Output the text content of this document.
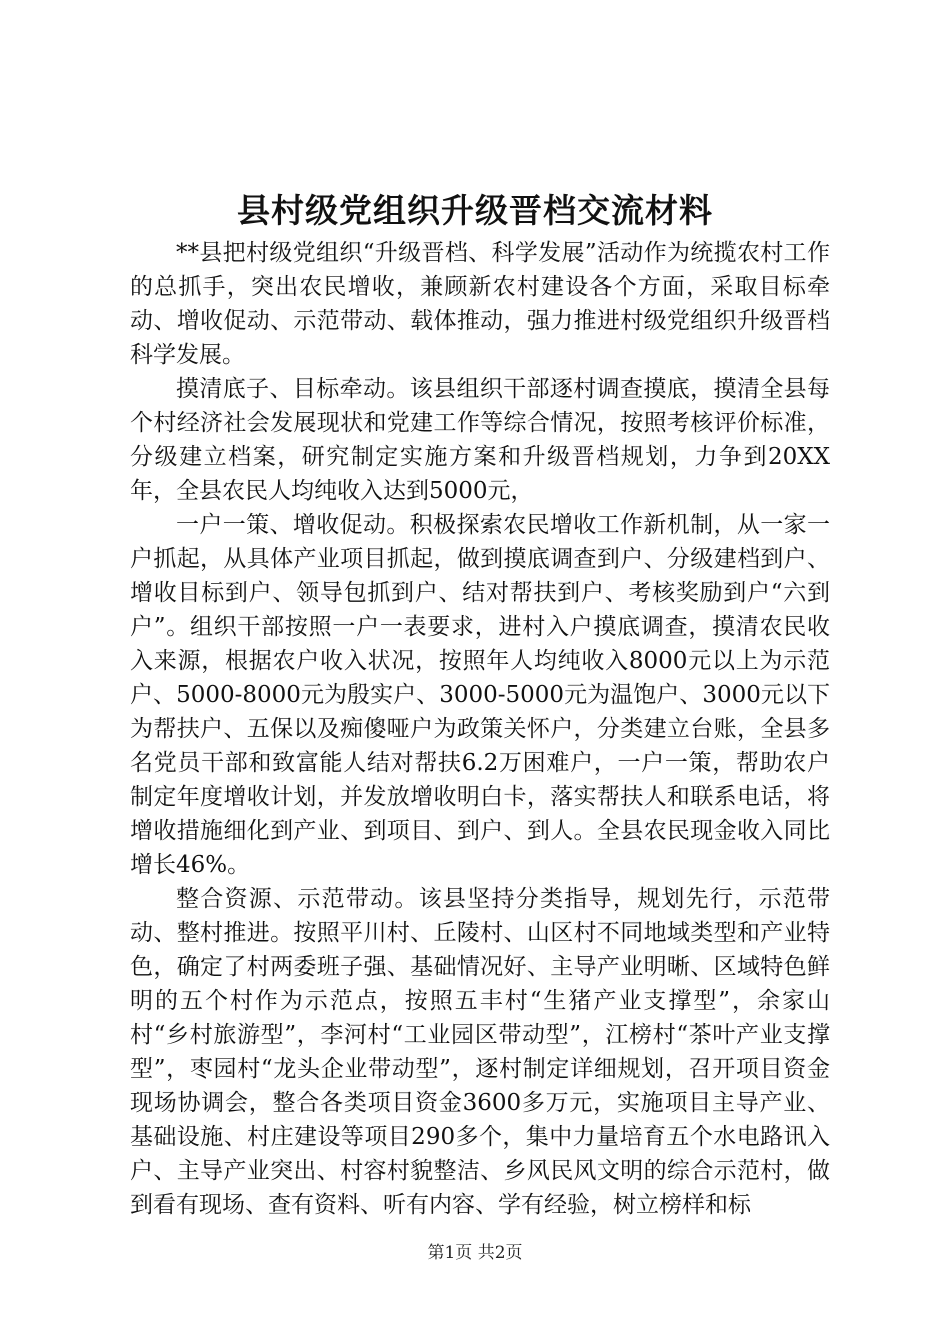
县村级党组织升级晋档交流材料

**县把村级党组织“升级晋档、科学发展”活动作为统揽农村工作的总抓手，突出农民增收，兼顾新农村建设各个方面，采取目标牵动、增收促动、示范带动、载体推动，强力推进村级党组织升级晋档科学发展。

摸清底子、目标牵动。该县组织干部逐村调查摸底，摸清全县每个村经济社会发展现状和党建工作等综合情况，按照考核评价标准，分级建立档案，研究制定实施方案和升级晋档规划，力争到20XX年，全县农民人均纯收入达到5000元，

一户一策、增收促动。积极探索农民增收工作新机制，从一家一户抓起，从具体产业项目抓起，做到摸底调查到户、分级建档到户、增收目标到户、领导包抓到户、结对帮扶到户、考核奖励到户“六到户”。组织干部按照一户一表要求，进村入户摸底调查，摸清农民收入来源，根据农户收入状况，按照年人均纯收入8000元以上为示范户、5000-8000元为殷实户、3000-5000元为温饱户、3000元以下为帮扶户、五保以及痴傻哑户为政策关怀户，分类建立台账，全县多名党员干部和致富能人结对帮扶6.2万困难户，一户一策，帮助农户制定年度增收计划，并发放增收明白卡，落实帮扶人和联系电话，将增收措施细化到产业、到项目、到户、到人。全县农民现金收入同比增长46%。

整合资源、示范带动。该县坚持分类指导，规划先行，示范带动、整村推进。按照平川村、丘陵村、山区村不同地域类型和产业特色，确定了村两委班子强、基础情况好、主导产业明晰、区域特色鲜明的五个村作为示范点，按照五丰村“生猪产业支撑型”，余家山村“乡村旅游型”，李河村“工业园区带动型”，江榜村“茶叶产业支撑型”，枣园村“龙头企业带动型”，逐村制定详细规划，召开项目资金现场协调会，整合各类项目资金3600多万元，实施项目主导产业、基础设施、村庄建设等项目290多个，集中力量培育五个水电路讯入户、主导产业突出、村容村貌整洁、乡风民风文明的综合示范村，做到看有现场、查有资料、听有内容、学有经验，树立榜样和标

第1页 共2页
